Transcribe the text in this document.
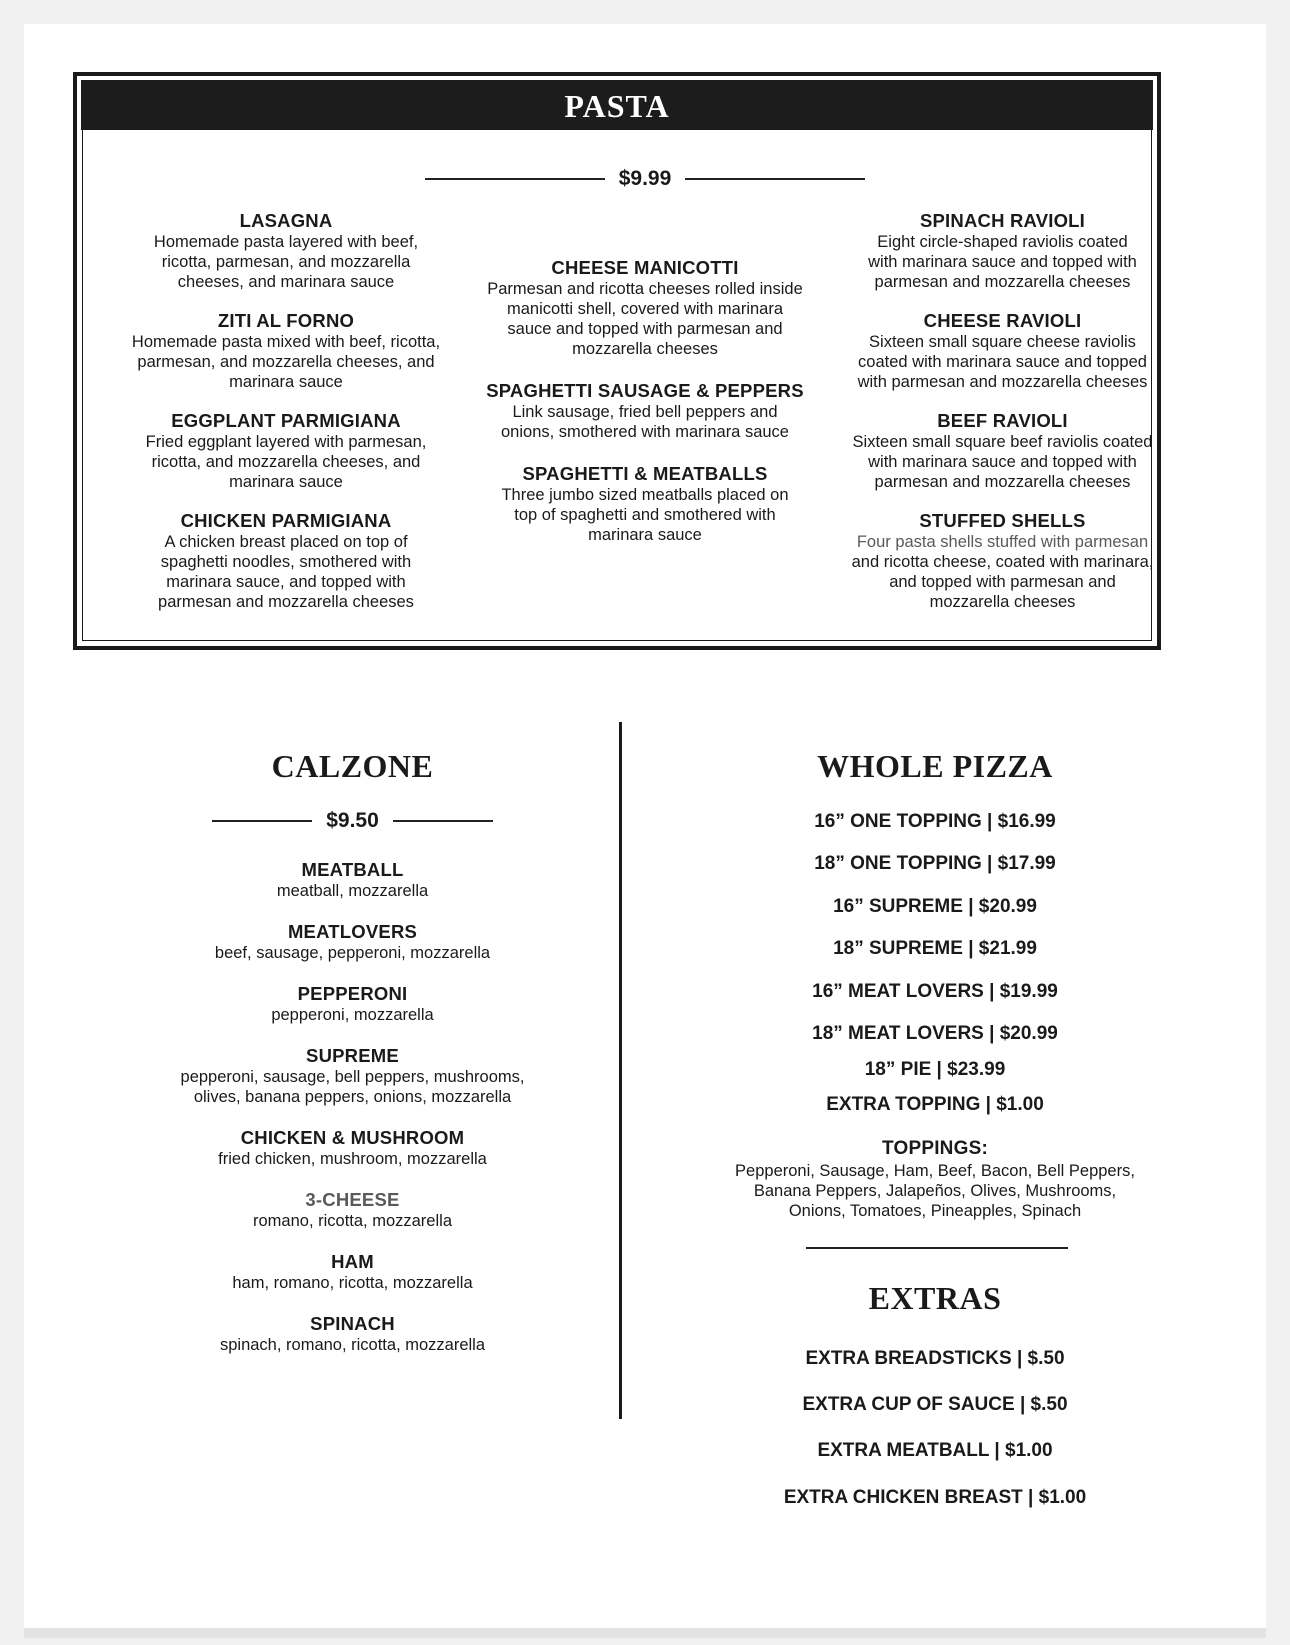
PASTA
$9.99
LASAGNA
Homemade pasta layered with beef,
ricotta, parmesan, and mozzarella
cheeses, and marinara sauce
ZITI AL FORNO
Homemade pasta mixed with beef, ricotta,
parmesan, and mozzarella cheeses, and
marinara sauce
EGGPLANT PARMIGIANA
Fried eggplant layered with parmesan,
ricotta, and mozzarella cheeses, and
marinara sauce
CHICKEN PARMIGIANA
A chicken breast placed on top of
spaghetti noodles, smothered with
marinara sauce, and topped with
parmesan and mozzarella cheeses
CHEESE MANICOTTI
Parmesan and ricotta cheeses rolled inside
manicotti shell, covered with marinara
sauce and topped with parmesan and
mozzarella cheeses
SPAGHETTI SAUSAGE & PEPPERS
Link sausage, fried bell peppers and
onions, smothered with marinara sauce
SPAGHETTI & MEATBALLS
Three jumbo sized meatballs placed on
top of spaghetti and smothered with
marinara sauce
SPINACH RAVIOLI
Eight circle-shaped raviolis coated
with marinara sauce and topped with
parmesan and mozzarella cheeses
CHEESE RAVIOLI
Sixteen small square cheese raviolis
coated with marinara sauce and topped
with parmesan and mozzarella cheeses
BEEF RAVIOLI
Sixteen small square beef raviolis coated
with marinara sauce and topped with
parmesan and mozzarella cheeses
STUFFED SHELLS
Four pasta shells stuffed with parmesan
and ricotta cheese, coated with marinara,
and topped with parmesan and
mozzarella cheeses
CALZONE
$9.50
MEATBALL
meatball, mozzarella
MEATLOVERS
beef, sausage, pepperoni, mozzarella
PEPPERONI
pepperoni, mozzarella
SUPREME
pepperoni, sausage, bell peppers, mushrooms,
olives, banana peppers, onions, mozzarella
CHICKEN & MUSHROOM
fried chicken, mushroom, mozzarella
3-CHEESE
romano, ricotta, mozzarella
HAM
ham, romano, ricotta, mozzarella
SPINACH
spinach, romano, ricotta, mozzarella
WHOLE PIZZA
16” ONE TOPPING | $16.99
18” ONE TOPPING | $17.99
16” SUPREME | $20.99
18” SUPREME | $21.99
16” MEAT LOVERS | $19.99
18” MEAT LOVERS | $20.99
18” PIE | $23.99
EXTRA TOPPING | $1.00
TOPPINGS:
Pepperoni, Sausage, Ham, Beef, Bacon, Bell Peppers,
Banana Peppers, Jalapeños, Olives, Mushrooms,
Onions, Tomatoes, Pineapples, Spinach
EXTRAS
EXTRA BREADSTICKS | $.50
EXTRA CUP OF SAUCE | $.50
EXTRA MEATBALL | $1.00
EXTRA CHICKEN BREAST | $1.00
